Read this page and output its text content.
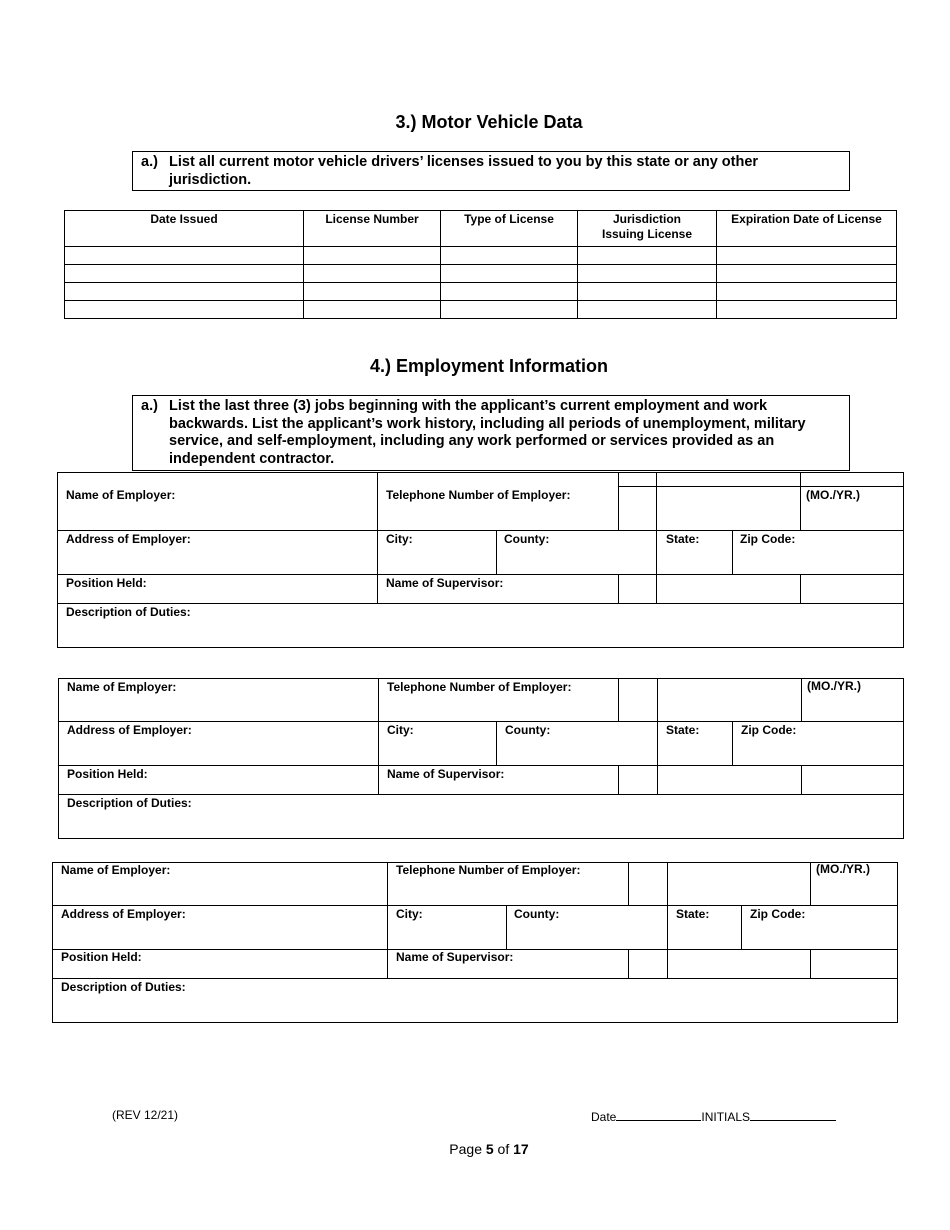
3.) Motor Vehicle Data
a.) List all current motor vehicle drivers’ licenses issued to you by this state or any other jurisdiction.
Date Issued	License Number	Type of License	Jurisdiction Issuing License	Expiration Date of License

4.) Employment Information
a.) List the last three (3) jobs beginning with the applicant’s current employment and work backwards. List the applicant’s work history, including all periods of unemployment, military service, and self-employment, including any work performed or services provided as an independent contractor.
Name of Employer:	Telephone Number of Employer:	(MO./YR.)
Address of Employer:	City:	County:	State:	Zip Code:
Position Held:	Name of Supervisor:
Description of Duties:
Name of Employer:	Telephone Number of Employer:	(MO./YR.)
Address of Employer:	City:	County:	State:	Zip Code:
Position Held:	Name of Supervisor:
Description of Duties:
Name of Employer:	Telephone Number of Employer:	(MO./YR.)
Address of Employer:	City:	County:	State:	Zip Code:
Position Held:	Name of Supervisor:
Description of Duties:
(REV 12/21)	Date	INITIALS
Page 5 of 17
